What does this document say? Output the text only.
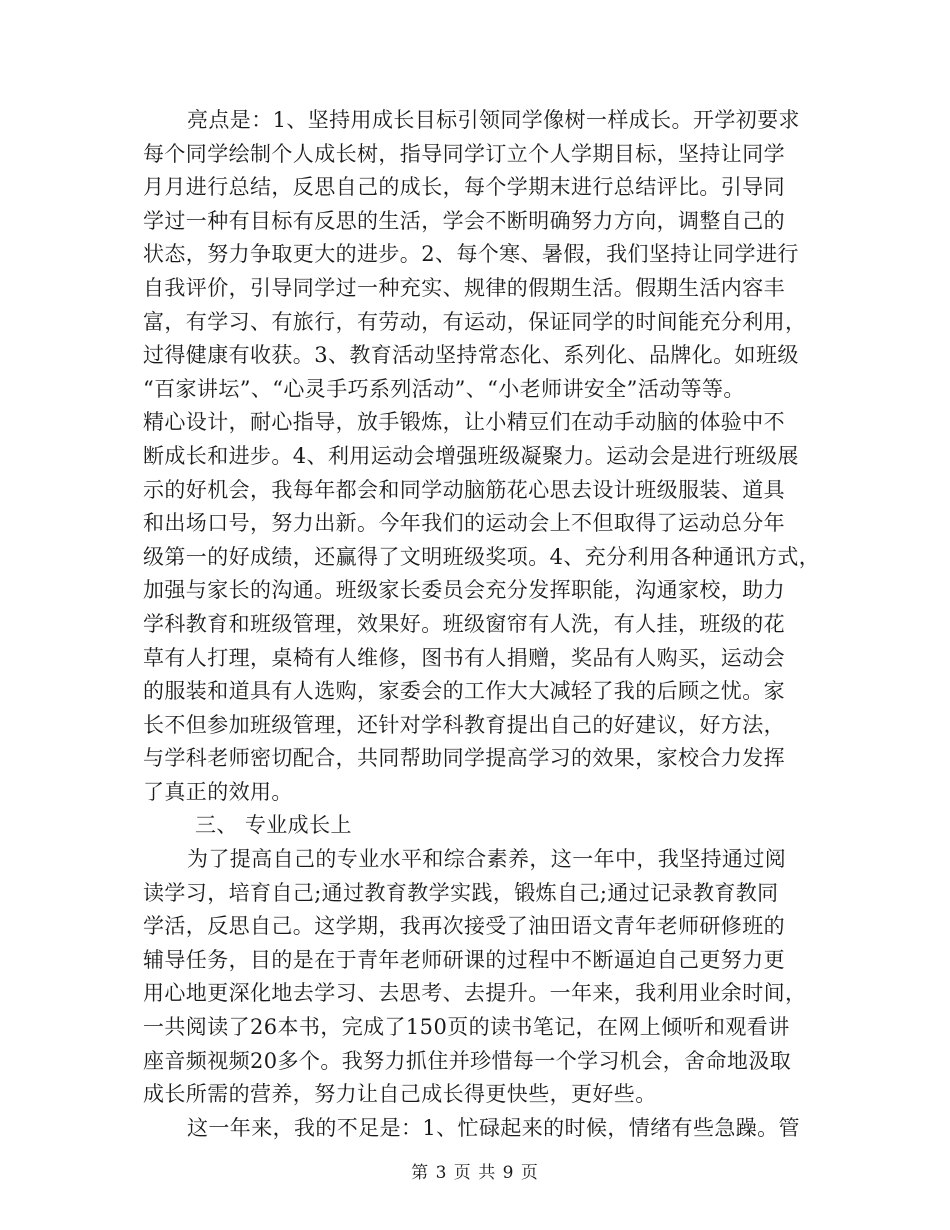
亮点是：1、坚持用成长目标引领同学像树一样成长。开学初要求
每个同学绘制个人成长树，指导同学订立个人学期目标，坚持让同学
月月进行总结，反思自己的成长，每个学期末进行总结评比。引导同
学过一种有目标有反思的生活，学会不断明确努力方向，调整自己的
状态，努力争取更大的进步。2、每个寒、暑假，我们坚持让同学进行
自我评价，引导同学过一种充实、规律的假期生活。假期生活内容丰
富，有学习、有旅行，有劳动，有运动，保证同学的时间能充分利用，
过得健康有收获。3、教育活动坚持常态化、系列化、品牌化。如班级
“百家讲坛”、“心灵手巧系列活动”、“小老师讲安全”活动等等。
精心设计，耐心指导，放手锻炼，让小精豆们在动手动脑的体验中不
断成长和进步。4、利用运动会增强班级凝聚力。运动会是进行班级展
示的好机会，我每年都会和同学动脑筋花心思去设计班级服装、道具
和出场口号，努力出新。今年我们的运动会上不但取得了运动总分年
级第一的好成绩，还赢得了文明班级奖项。4、充分利用各种通讯方式，
加强与家长的沟通。班级家长委员会充分发挥职能，沟通家校，助力
学科教育和班级管理，效果好。班级窗帘有人洗，有人挂，班级的花
草有人打理，桌椅有人维修，图书有人捐赠，奖品有人购买，运动会
的服装和道具有人选购，家委会的工作大大减轻了我的后顾之忧。家
长不但参加班级管理，还针对学科教育提出自己的好建议，好方法，
与学科老师密切配合，共同帮助同学提高学习的效果，家校合力发挥
了真正的效用。
三、 专业成长上
为了提高自己的专业水平和综合素养，这一年中，我坚持通过阅
读学习，培育自己;通过教育教学实践，锻炼自己;通过记录教育教同
学活，反思自己。这学期，我再次接受了油田语文青年老师研修班的
辅导任务，目的是在于青年老师研课的过程中不断逼迫自己更努力更
用心地更深化地去学习、去思考、去提升。一年来，我利用业余时间，
一共阅读了26本书，完成了150页的读书笔记，在网上倾听和观看讲
座音频视频20多个。我努力抓住并珍惜每一个学习机会，舍命地汲取
成长所需的营养，努力让自己成长得更快些，更好些。
这一年来，我的不足是：1、忙碌起来的时候，情绪有些急躁。管
第 3 页 共 9 页
